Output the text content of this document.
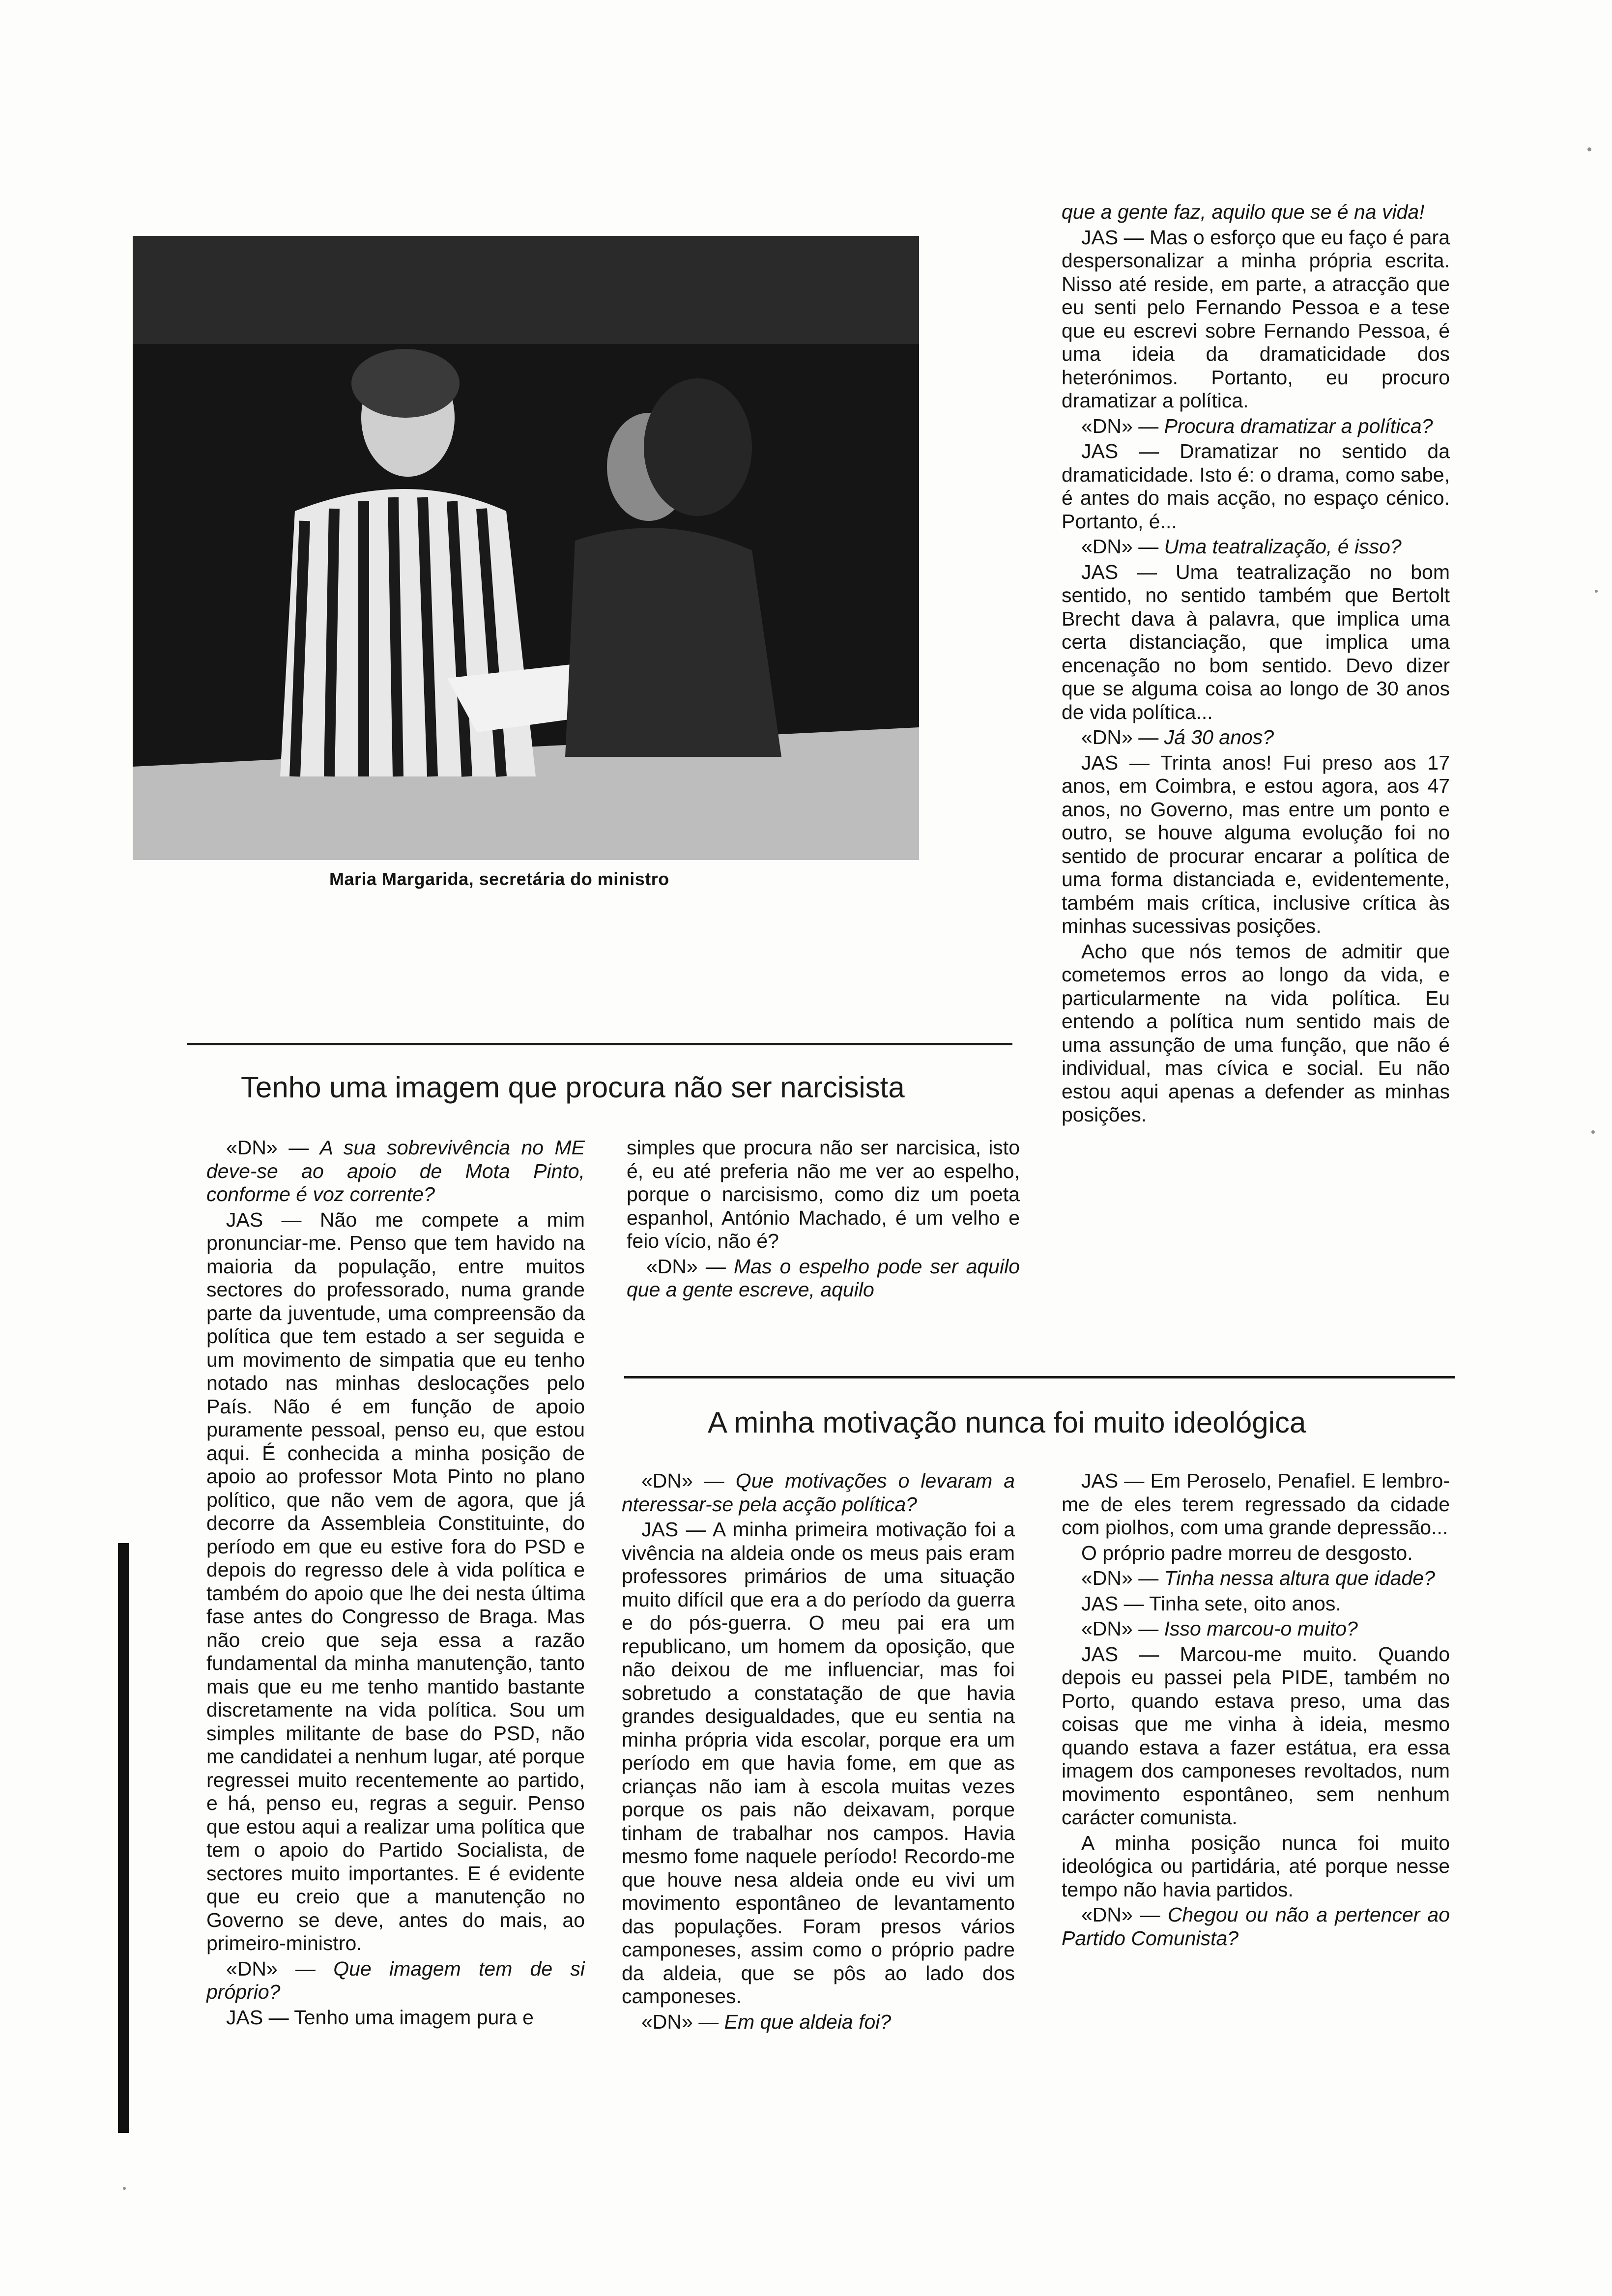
Maria Margarida, secretária do ministro

que a gente faz, aquilo que se é na vida!

JAS — Mas o esforço que eu faço é para despersonalizar a minha própria escrita. Nisso até reside, em parte, a atracção que eu senti pelo Fernando Pessoa e a tese que eu escrevi sobre Fernando Pessoa, é uma ideia da dramaticidade dos heterónimos. Portanto, eu procuro dramatizar a política.

«DN» — Procura dramatizar a política?

JAS — Dramatizar no sentido da dramaticidade. Isto é: o drama, como sabe, é antes do mais acção, no espaço cénico. Portanto, é...

«DN» — Uma teatralização, é isso?

JAS — Uma teatralização no bom sentido, no sentido também que Bertolt Brecht dava à palavra, que implica uma certa distanciação, que implica uma encenação no bom sentido. Devo dizer que se alguma coisa ao longo de 30 anos de vida política...

«DN» — Já 30 anos?

JAS — Trinta anos! Fui preso aos 17 anos, em Coimbra, e estou agora, aos 47 anos, no Governo, mas entre um ponto e outro, se houve alguma evolução foi no sentido de procurar encarar a política de uma forma distanciada e, evidentemente, também mais crítica, inclusive crítica às minhas sucessivas posições.

Acho que nós temos de admitir que cometemos erros ao longo da vida, e particularmente na vida política. Eu entendo a política num sentido mais de uma assunção de uma função, que não é individual, mas cívica e social. Eu não estou aqui apenas a defender as minhas posições.

Tenho uma imagem que procura não ser narcisista

«DN» — A sua sobrevivência no ME deve-se ao apoio de Mota Pinto, conforme é voz corrente?

JAS — Não me compete a mim pronunciar-me. Penso que tem havido na maioria da população, entre muitos sectores do professorado, numa grande parte da juventude, uma compreensão da política que tem estado a ser seguida e um movimento de simpatia que eu tenho notado nas minhas deslocações pelo País. Não é em função de apoio puramente pessoal, penso eu, que estou aqui. É conhecida a minha posição de apoio ao professor Mota Pinto no plano político, que não vem de agora, que já decorre da Assembleia Constituinte, do período em que eu estive fora do PSD e depois do regresso dele à vida política e também do apoio que lhe dei nesta última fase antes do Congresso de Braga. Mas não creio que seja essa a razão fundamental da minha manutenção, tanto mais que eu me tenho mantido bastante discretamente na vida política. Sou um simples militante de base do PSD, não me candidatei a nenhum lugar, até porque regressei muito recentemente ao partido, e há, penso eu, regras a seguir. Penso que estou aqui a realizar uma política que tem o apoio do Partido Socialista, de sectores muito importantes. E é evidente que eu creio que a manutenção no Governo se deve, antes do mais, ao primeiro-ministro.

«DN» — Que imagem tem de si próprio?

JAS — Tenho uma imagem pura e

simples que procura não ser narcisica, isto é, eu até preferia não me ver ao espelho, porque o narcisismo, como diz um poeta espanhol, António Machado, é um velho e feio vício, não é?

«DN» — Mas o espelho pode ser aquilo que a gente escreve, aquilo

A minha motivação nunca foi muito ideológica

«DN» — Que motivações o levaram a nteressar-se pela acção política?

JAS — A minha primeira motivação foi a vivência na aldeia onde os meus pais eram professores primários de uma situação muito difícil que era a do período da guerra e do pós-guerra. O meu pai era um republicano, um homem da oposição, que não deixou de me influenciar, mas foi sobretudo a constatação de que havia grandes desigualdades, que eu sentia na minha própria vida escolar, porque era um período em que havia fome, em que as crianças não iam à escola muitas vezes porque os pais não deixavam, porque tinham de trabalhar nos campos. Havia mesmo fome naquele período! Recordo-me que houve nesa aldeia onde eu vivi um movimento espontâneo de levantamento das populações. Foram presos vários camponeses, assim como o próprio padre da aldeia, que se pôs ao lado dos camponeses.

«DN» — Em que aldeia foi?

JAS — Em Peroselo, Penafiel. E lembro-me de eles terem regressado da cidade com piolhos, com uma grande depressão...

O próprio padre morreu de desgosto.

«DN» — Tinha nessa altura que idade?

JAS — Tinha sete, oito anos.

«DN» — Isso marcou-o muito?

JAS — Marcou-me muito. Quando depois eu passei pela PIDE, também no Porto, quando estava preso, uma das coisas que me vinha à ideia, mesmo quando estava a fazer estátua, era essa imagem dos camponeses revoltados, num movimento espontâneo, sem nenhum carácter comunista.

A minha posição nunca foi muito ideológica ou partidária, até porque nesse tempo não havia partidos.

«DN» — Chegou ou não a pertencer ao Partido Comunista?
